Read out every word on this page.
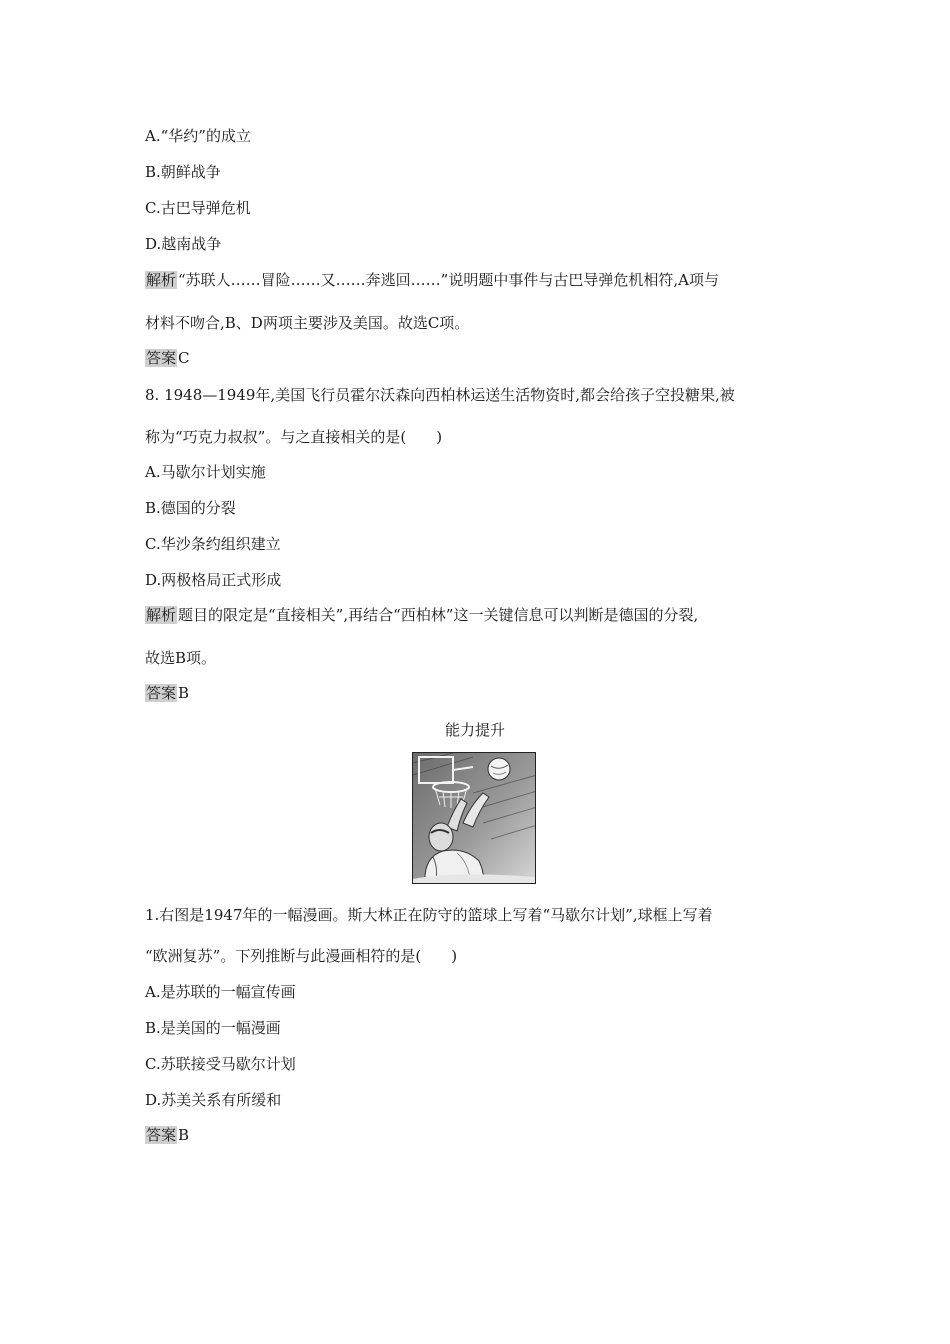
A.“华约”的成立
B.朝鲜战争
C.古巴导弹危机
D.越南战争
解析 “苏联人……冒险……又……奔逃回……”说明题中事件与古巴导弹危机相符,A项与
材料不吻合,B、D两项主要涉及美国。故选C项。
答案 C
8. 1948—1949年,美国飞行员霍尔沃森向西柏林运送生活物资时,都会给孩子空投糖果,被
称为“巧克力叔叔”。与之直接相关的是(　　)
A.马歇尔计划实施
B.德国的分裂
C.华沙条约组织建立
D.两极格局正式形成
解析 题目的限定是“直接相关”,再结合“西柏林”这一关键信息可以判断是德国的分裂,
故选B项。
答案 B
能力提升
1.右图是1947年的一幅漫画。斯大林正在防守的篮球上写着“马歇尔计划”,球框上写着
“欧洲复苏”。下列推断与此漫画相符的是(　　)
A.是苏联的一幅宣传画
B.是美国的一幅漫画
C.苏联接受马歇尔计划
D.苏美关系有所缓和
答案 B
